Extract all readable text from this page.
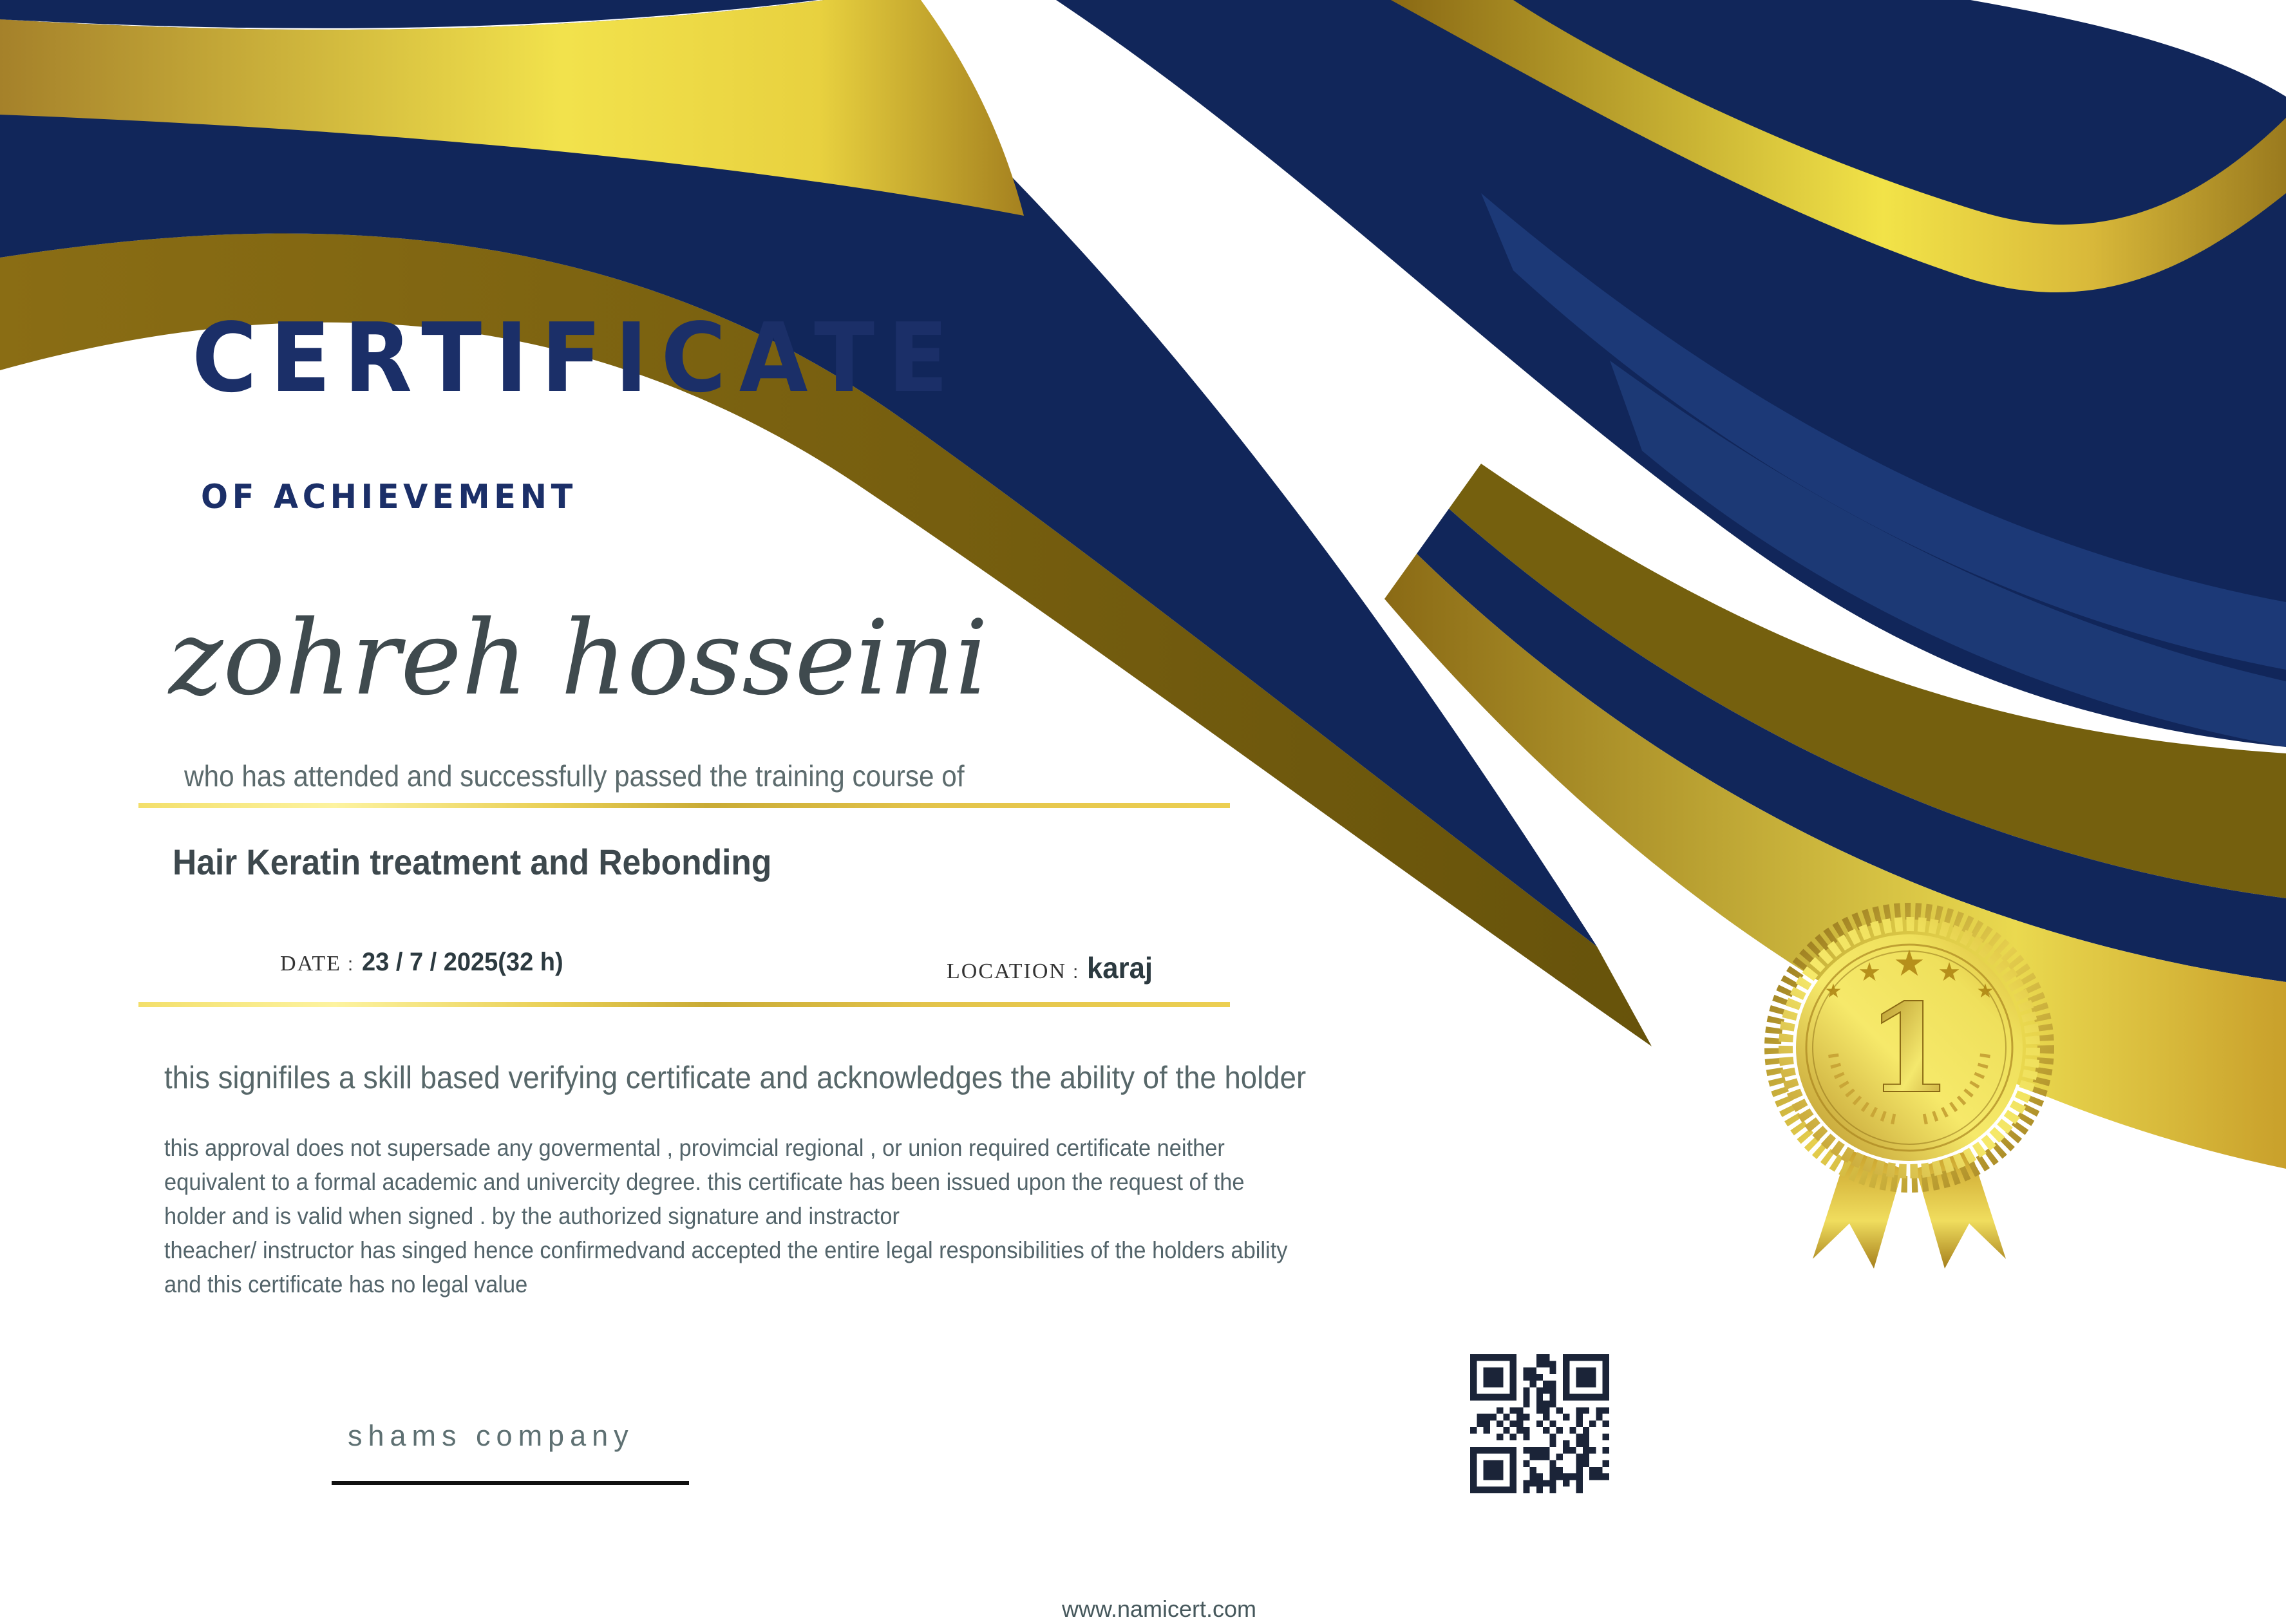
CERTIFICATE
OF ACHIEVEMENT
zohreh hosseini
who has attended and successfully passed the training course of
Hair Keratin treatment and Rebonding
DATE : 23 / 7 / 2025(32 h)	LOCATION : karaj
this signifiles a skill based verifying certificate and acknowledges the ability of the holder
this approval does not supersade any govermental , provimcial regional , or union required certificate neither
equivalent to a formal academic and univercity degree. this certificate has been issued upon the request of the
holder and is valid when signed . by the authorized signature and instractor
theacher/ instructor has singed hence confirmedvand accepted the entire legal responsibilities of the holders ability
and this certificate has no legal value
shams company
★
★ ★ ★
★
1
www.namicert.com
